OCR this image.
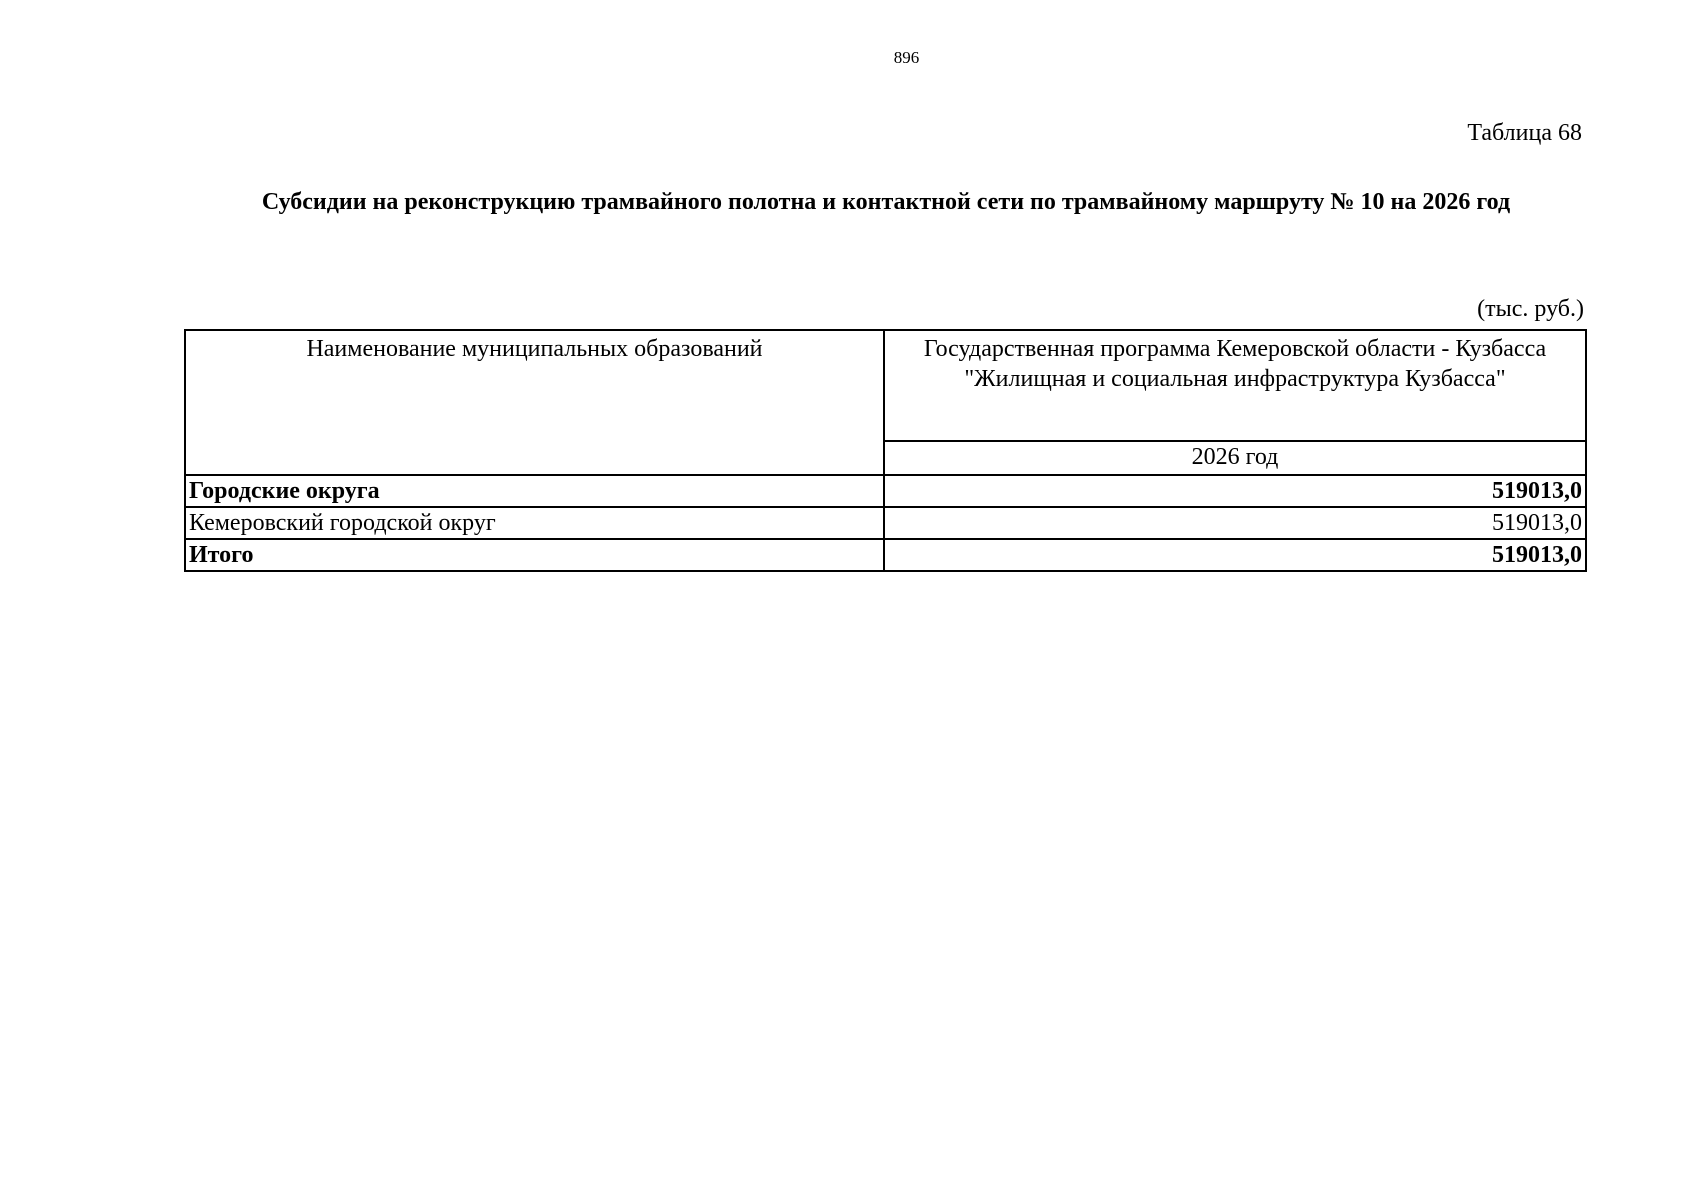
896
Таблица 68
Субсидии на реконструкцию трамвайного полотна и контактной сети по трамвайному маршруту № 10 на 2026 год
(тыс. руб.)
Наименование муниципальных образований	Государственная программа Кемеровской области - Кузбасса
"Жилищная и социальная инфраструктура Кузбасса"

	2026 год
Городские округа	519013,0
Кемеровский городской округ	519013,0
Итого	519013,0
